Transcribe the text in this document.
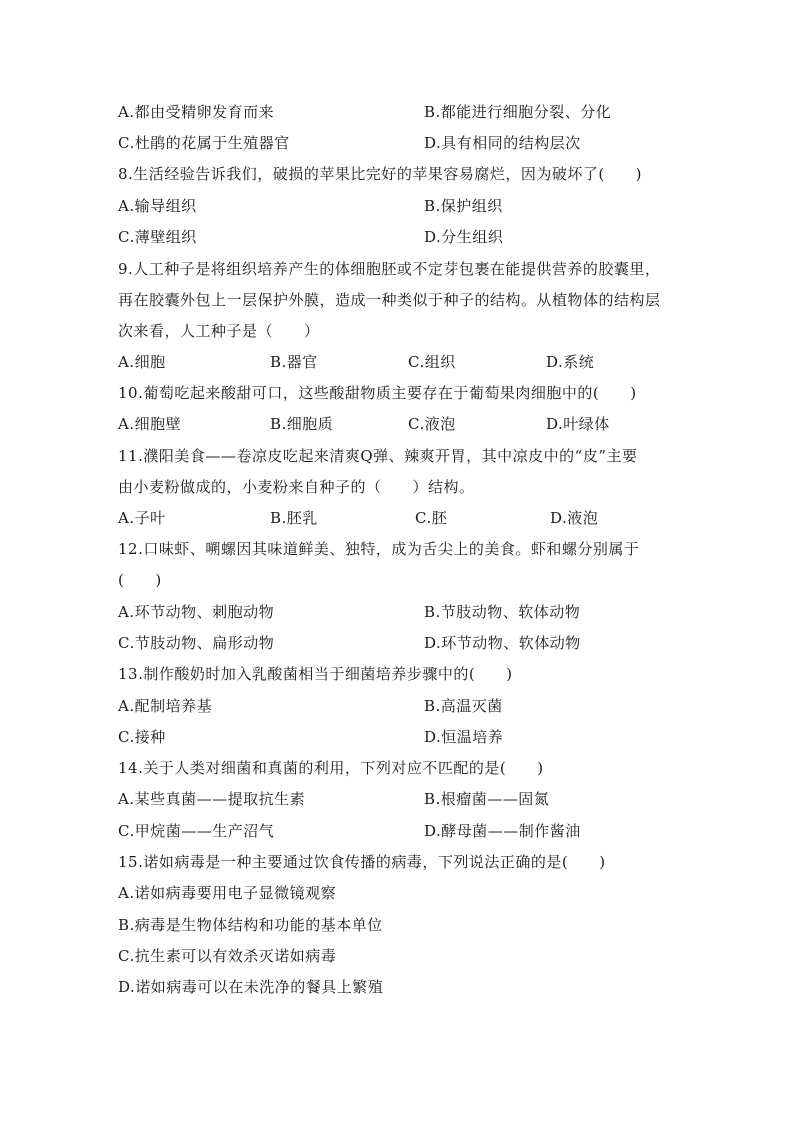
A.都由受精卵发育而来	B.都能进行细胞分裂、分化
C.杜鹃的花属于生殖器官	D.具有相同的结构层次
8.生活经验告诉我们，破损的苹果比完好的苹果容易腐烂，因为破坏了(　　)
A.输导组织	B.保护组织
C.薄壁组织	D.分生组织
9.人工种子是将组织培养产生的体细胞胚或不定芽包裹在能提供营养的胶囊里，
再在胶囊外包上一层保护外膜，造成一种类似于种子的结构。从植物体的结构层
次来看，人工种子是（　　）
A.细胞	B.器官	C.组织	D.系统
10.葡萄吃起来酸甜可口，这些酸甜物质主要存在于葡萄果肉细胞中的(　　)
A.细胞壁	B.细胞质	C.液泡	D.叶绿体
11.濮阳美食——卷凉皮吃起来清爽Q弹、辣爽开胃，其中凉皮中的“皮”主要
由小麦粉做成的，小麦粉来自种子的（　　）结构。
A.子叶	B.胚乳	C.胚	D.液泡
12.口味虾、嗍螺因其味道鲜美、独特，成为舌尖上的美食。虾和螺分别属于
(　　)
A.环节动物、刺胞动物	B.节肢动物、软体动物
C.节肢动物、扁形动物	D.环节动物、软体动物
13.制作酸奶时加入乳酸菌相当于细菌培养步骤中的(　　)
A.配制培养基	B.高温灭菌
C.接种	D.恒温培养
14.关于人类对细菌和真菌的利用，下列对应不匹配的是(　　)
A.某些真菌——提取抗生素	B.根瘤菌——固氮
C.甲烷菌——生产沼气	D.酵母菌——制作酱油
15.诺如病毒是一种主要通过饮食传播的病毒，下列说法正确的是(　　)
A.诺如病毒要用电子显微镜观察
B.病毒是生物体结构和功能的基本单位
C.抗生素可以有效杀灭诺如病毒
D.诺如病毒可以在未洗净的餐具上繁殖
